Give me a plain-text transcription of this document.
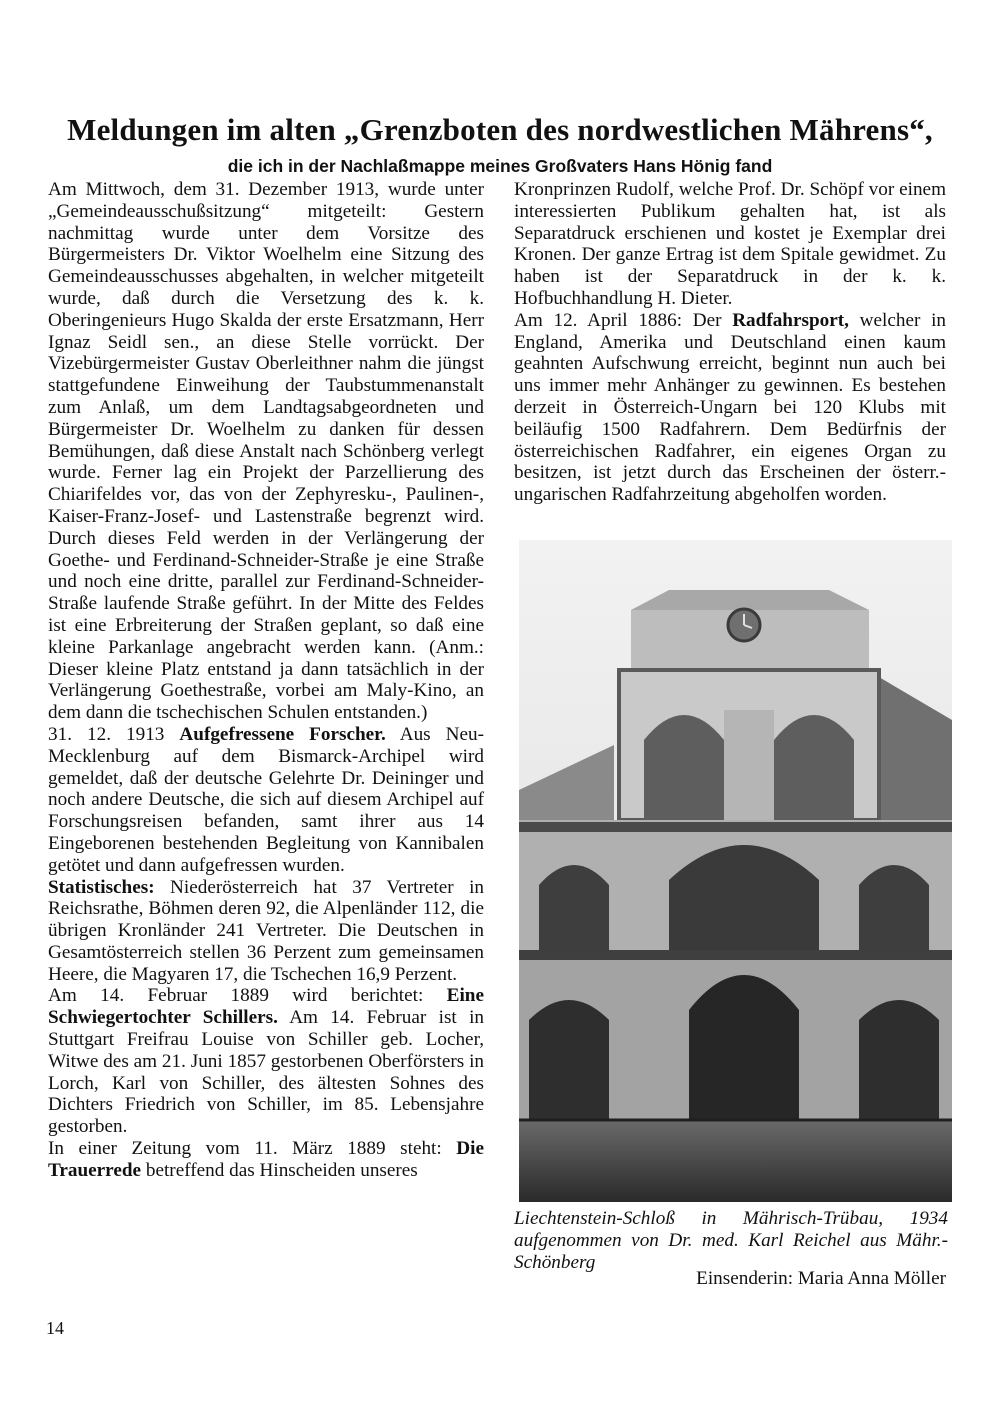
Meldungen im alten „Grenzboten des nordwestlichen Mährens“,
die ich in der Nachlaßmappe meines Großvaters Hans Hönig fand

Am Mittwoch, dem 31. Dezember 1913, wurde unter „Gemeindeausschußsitzung“ mitgeteilt: Gestern nachmittag wurde unter dem Vorsitze des Bürgermeisters Dr. Viktor Woelhelm eine Sitzung des Gemeindeausschusses abgehalten, in welcher mitgeteilt wurde, daß durch die Versetzung des k. k. Oberingenieurs Hugo Skalda der erste Ersatzmann, Herr Ignaz Seidl sen., an diese Stelle vorrückt. Der Vizebürgermeister Gustav Oberleithner nahm die jüngst stattgefundene Einweihung der Taubstummenanstalt zum Anlaß, um dem Landtagsabgeordneten und Bürgermeister Dr. Woelhelm zu danken für dessen Bemühungen, daß diese Anstalt nach Schönberg verlegt wurde. Ferner lag ein Projekt der Parzellierung des Chiarifeldes vor, das von der Zephyresku-, Paulinen-, Kaiser-Franz-Josef- und Lastenstraße begrenzt wird. Durch dieses Feld werden in der Verlängerung der Goethe- und Ferdinand-Schneider-Straße je eine Straße und noch eine dritte, parallel zur Ferdinand-Schneider-Straße laufende Straße geführt. In der Mitte des Feldes ist eine Erbreiterung der Straßen geplant, so daß eine kleine Parkanlage angebracht werden kann. (Anm.: Dieser kleine Platz entstand ja dann tatsächlich in der Verlängerung Goethestraße, vorbei am Maly-Kino, an dem dann die tschechischen Schulen entstanden.)

31. 12. 1913 Aufgefressene Forscher. Aus Neu-Mecklenburg auf dem Bismarck-Archipel wird gemeldet, daß der deutsche Gelehrte Dr. Deininger und noch andere Deutsche, die sich auf diesem Archipel auf Forschungsreisen befanden, samt ihrer aus 14 Eingeborenen bestehenden Begleitung von Kannibalen getötet und dann aufgefressen wurden.

Statistisches: Niederösterreich hat 37 Vertreter in Reichsrathe, Böhmen deren 92, die Alpenländer 112, die übrigen Kronländer 241 Vertreter. Die Deutschen in Gesamtösterreich stellen 36 Perzent zum gemeinsamen Heere, die Magyaren 17, die Tschechen 16,9 Perzent.

Am 14. Februar 1889 wird berichtet: Eine Schwiegertochter Schillers. Am 14. Februar ist in Stuttgart Freifrau Louise von Schiller geb. Locher, Witwe des am 21. Juni 1857 gestorbenen Oberförsters in Lorch, Karl von Schiller, des ältesten Sohnes des Dichters Friedrich von Schiller, im 85. Lebensjahre gestorben.

In einer Zeitung vom 11. März 1889 steht: Die Trauerrede betreffend das Hinscheiden unseres

Kronprinzen Rudolf, welche Prof. Dr. Schöpf vor einem interessierten Publikum gehalten hat, ist als Separatdruck erschienen und kostet je Exemplar drei Kronen. Der ganze Ertrag ist dem Spitale gewidmet. Zu haben ist der Separatdruck in der k. k. Hofbuchhandlung H. Dieter.

Am 12. April 1886: Der Radfahrsport, welcher in England, Amerika und Deutschland einen kaum geahnten Aufschwung erreicht, beginnt nun auch bei uns immer mehr Anhänger zu gewinnen. Es bestehen derzeit in Österreich-Ungarn bei 120 Klubs mit beiläufig 1500 Radfahrern. Dem Bedürfnis der österreichischen Radfahrer, ein eigenes Organ zu besitzen, ist jetzt durch das Erscheinen der österr.-ungarischen Radfahrzeitung abgeholfen worden.

Liechtenstein-Schloß in Mährisch-Trübau, 1934 aufgenommen von Dr. med. Karl Reichel aus Mähr.-Schönberg

Einsenderin: Maria Anna Möller

14
